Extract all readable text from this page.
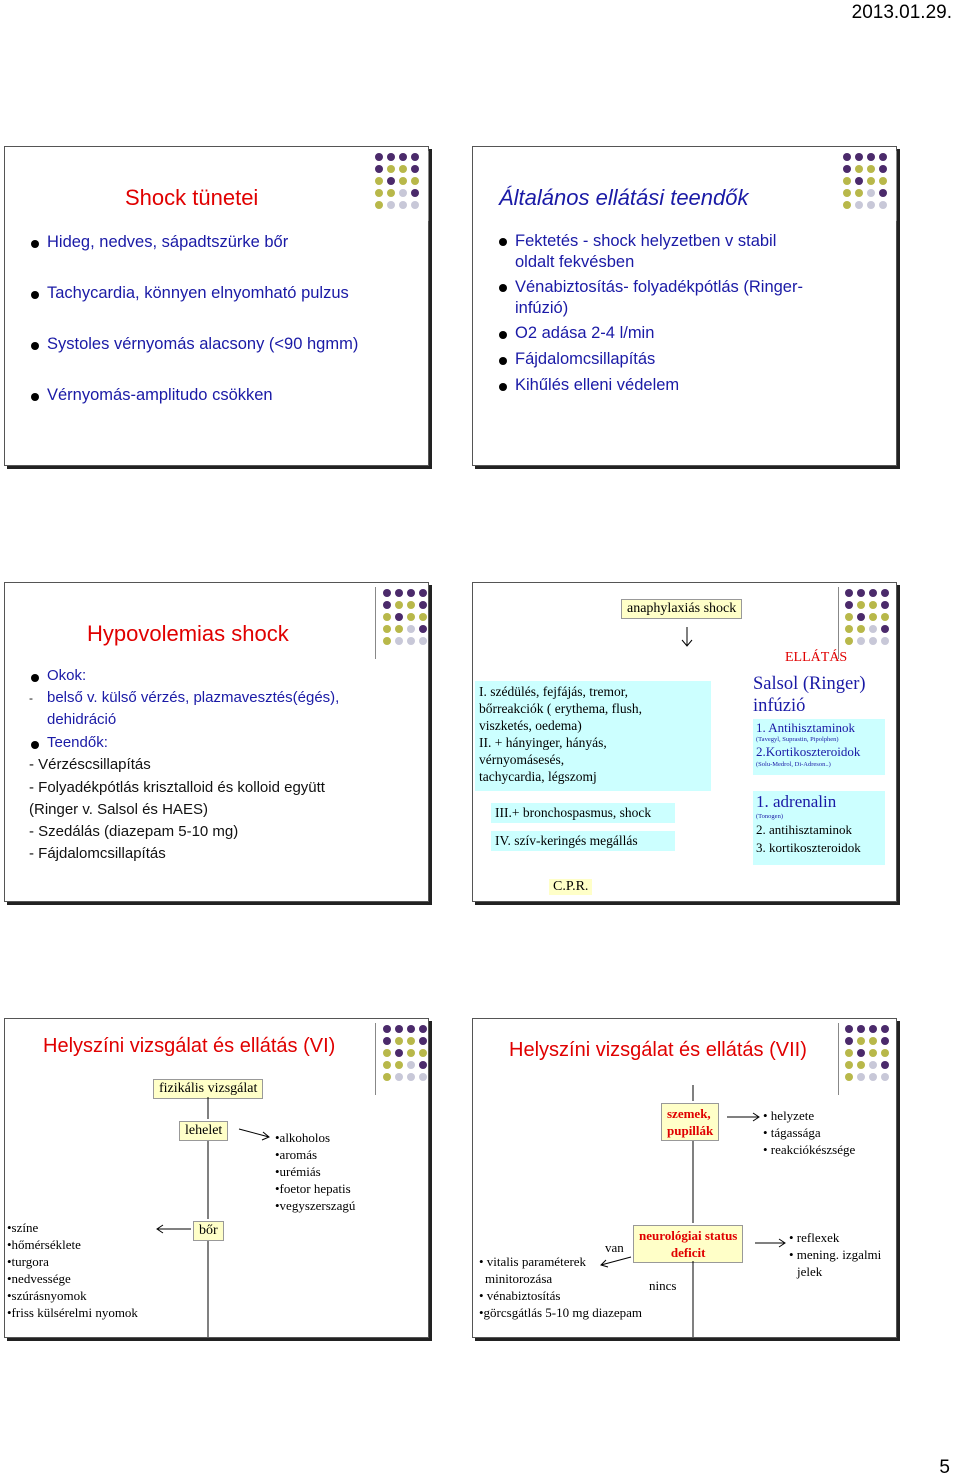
2013.01.29.
5
Shock tünetei
Hideg, nedves, sápadtszürke bőr
Tachycardia, könnyen elnyomható pulzus
Systoles vérnyomás alacsony (<90 hgmm)
Vérnyomás-amplitudo csökken
Általános ellátási teendők
Fektetés - shock helyzetben v stabil
oldalt fekvésben
Vénabiztosítás- folyadékpótlás (Ringer-
infúzió)
O2 adása 2-4 l/min
Fájdalomcsillapítás
Kihűlés elleni védelem
Hypovolemias shock
Okok:
- belső v. külső vérzés, plazmavesztés(égés),
dehidráció
Teendők:
- Vérzéscsillapítás
- Folyadékpótlás krisztalloid és kolloid együtt
(Ringer v. Salsol és HAES)
- Szedálás (diazepam 5-10 mg)
- Fájdalomcsillapítás
anaphylaxiás shock
I. szédülés, fejfájás, tremor,
bőrreakciók ( erythema, flush,
viszketés, oedema)
II. + hányinger, hányás,
vérnyomásesés,
tachycardia, légszomj
III.+ bronchospasmus, shock
IV. szív-keringés megállás
C.P.R.
ELLÁTÁS
Salsol (Ringer)
infúzió
1. Antihisztaminok
(Tavegyl, Suprastin, Pipolphen)
2.Kortikoszteroidok
(Solu-Medrol, Di-Adreson..)
1. adrenalin
(Tonogen)
2. antihisztaminok
3. kortikoszteroidok
Helyszíni vizsgálat és ellátás (VI)
fizikális vizsgálat
lehelet
bőr
•alkoholos
•aromás
•urémiás
•foetor hepatis
•vegyszerszagú
•színe
•hőmérséklete
•turgora
•nedvessége
•szúrásnyomok
•friss külsérelmi nyomok
Helyszíni vizsgálat és ellátás (VII)
szemek,
pupillák
• helyzete
• tágassága
• reakciókészsége
neurológiai status
deficit
• reflexek
• mening. izgalmi
jelek
van
nincs
• vitalis paraméterek
minitorozása
• vénabiztosítás
•görcsgátlás 5-10 mg diazepam
